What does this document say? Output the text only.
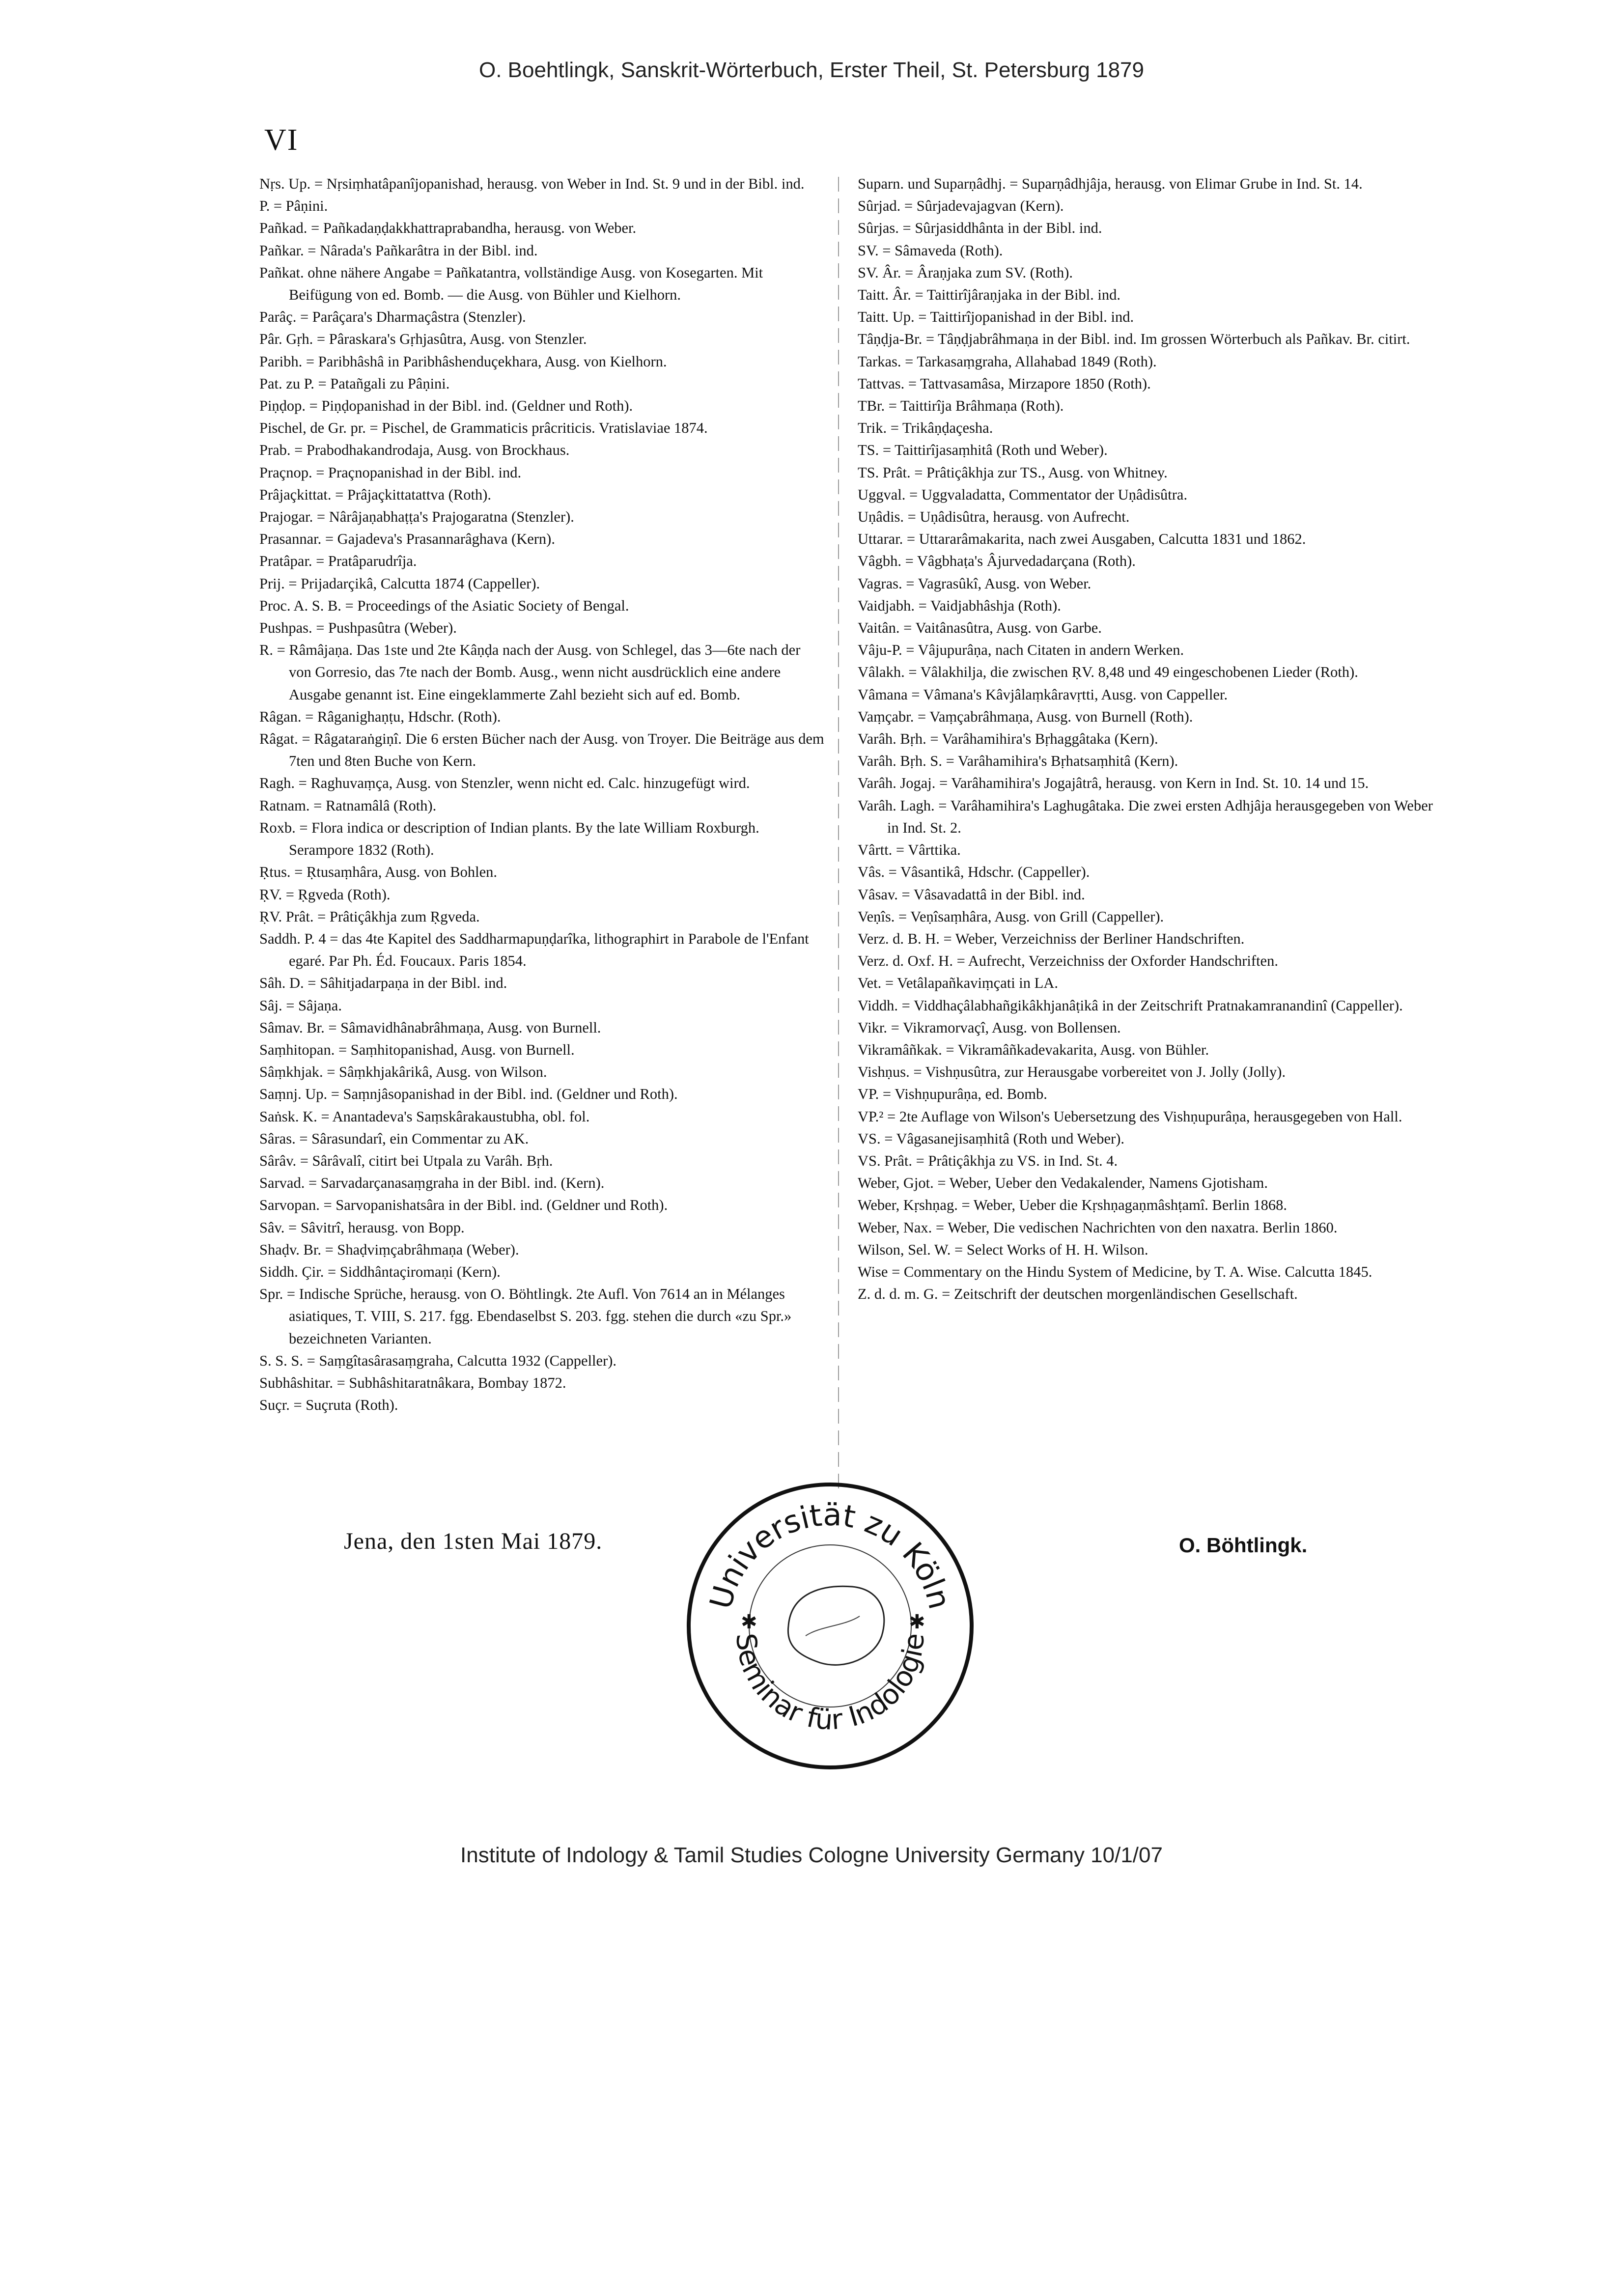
O. Boehtlingk, Sanskrit-Wörterbuch, Erster Theil, St. Petersburg 1879
VI
Nṛs. Up. = Nṛsiṃhatâpanîjopanishad, herausg. von Weber in Ind. St. 9 und in der Bibl. ind.
P. = Pâṇini.
Pañkad. = Pañkadaṇḍakkhattraprabandha, herausg. von Weber.
Pañkar. = Nârada's Pañkarâtra in der Bibl. ind.
Pañkat. ohne nähere Angabe = Pañkatantra, vollständige Ausg. von Kosegarten. Mit Beifügung von ed. Bomb. — die Ausg. von Bühler und Kielhorn.
Parâç. = Parâçara's Dharmaçâstra (Stenzler).
Pâr. Gṛh. = Pâraskara's Gṛhjasûtra, Ausg. von Stenzler.
Paribh. = Paribhâshâ in Paribhâshenduçekhara, Ausg. von Kielhorn.
Pat. zu P. = Patañgali zu Pâṇini.
Piṇḍop. = Piṇḍopanishad in der Bibl. ind. (Geldner und Roth).
Pischel, de Gr. pr. = Pischel, de Grammaticis prâcriticis. Vratislaviae 1874.
Prab. = Prabodhakandrodaja, Ausg. von Brockhaus.
Praçnop. = Praçnopanishad in der Bibl. ind.
Prâjaçkittat. = Prâjaçkittatattva (Roth).
Prajogar. = Nârâjaṇabhaṭṭa's Prajogaratna (Stenzler).
Prasannar. = Gajadeva's Prasannarâghava (Kern).
Pratâpar. = Pratâparudrîja.
Prij. = Prijadarçikâ, Calcutta 1874 (Cappeller).
Proc. A. S. B. = Proceedings of the Asiatic Society of Bengal.
Pushpas. = Pushpasûtra (Weber).
R. = Râmâjaṇa. Das 1ste und 2te Kâṇḍa nach der Ausg. von Schlegel, das 3—6te nach der von Gorresio, das 7te nach der Bomb. Ausg., wenn nicht ausdrücklich eine andere Ausgabe genannt ist. Eine eingeklammerte Zahl bezieht sich auf ed. Bomb.
Râgan. = Râganighaṇṭu, Hdschr. (Roth).
Râgat. = Râgataraṅgiṇî. Die 6 ersten Bücher nach der Ausg. von Troyer. Die Beiträge aus dem 7ten und 8ten Buche von Kern.
Ragh. = Raghuvaṃça, Ausg. von Stenzler, wenn nicht ed. Calc. hinzugefügt wird.
Ratnam. = Ratnamâlâ (Roth).
Roxb. = Flora indica or description of Indian plants. By the late William Roxburgh. Serampore 1832 (Roth).
Ṛtus. = Ṛtusaṃhâra, Ausg. von Bohlen.
ṚV. = Ṛgveda (Roth).
ṚV. Prât. = Prâtiçâkhja zum Ṛgveda.
Saddh. P. 4 = das 4te Kapitel des Saddharmapuṇḍarîka, lithographirt in Parabole de l'Enfant egaré. Par Ph. Éd. Foucaux. Paris 1854.
Sâh. D. = Sâhitjadarpaṇa in der Bibl. ind.
Sâj. = Sâjaṇa.
Sâmav. Br. = Sâmavidhânabrâhmaṇa, Ausg. von Burnell.
Saṃhitopan. = Saṃhitopanishad, Ausg. von Burnell.
Sâṃkhjak. = Sâṃkhjakârikâ, Ausg. von Wilson.
Saṃnj. Up. = Saṃnjâsopanishad in der Bibl. ind. (Geldner und Roth).
Saṅsk. K. = Anantadeva's Saṃskârakaustubha, obl. fol.
Sâras. = Sârasundarî, ein Commentar zu AK.
Sârâv. = Sârâvalî, citirt bei Utpala zu Varâh. Bṛh.
Sarvad. = Sarvadarçanasaṃgraha in der Bibl. ind. (Kern).
Sarvopan. = Sarvopanishatsâra in der Bibl. ind. (Geldner und Roth).
Sâv. = Sâvitrî, herausg. von Bopp.
Shaḍv. Br. = Shaḍviṃçabrâhmaṇa (Weber).
Siddh. Çir. = Siddhântaçiromaṇi (Kern).
Spr. = Indische Sprüche, herausg. von O. Böhtlingk. 2te Aufl. Von 7614 an in Mélanges asiatiques, T. VIII, S. 217. fgg. Ebendaselbst S. 203. fgg. stehen die durch «zu Spr.» bezeichneten Varianten.
S. S. S. = Saṃgîtasârasaṃgraha, Calcutta 1932 (Cappeller).
Subhâshitar. = Subhâshitaratnâkara, Bombay 1872.
Suçr. = Suçruta (Roth).
Suparn. und Suparṇâdhj. = Suparṇâdhjâja, herausg. von Elimar Grube in Ind. St. 14.
Sûrjad. = Sûrjadevajagvan (Kern).
Sûrjas. = Sûrjasiddhânta in der Bibl. ind.
SV. = Sâmaveda (Roth).
SV. Âr. = Âraṇjaka zum SV. (Roth).
Taitt. Âr. = Taittirîjâraṇjaka in der Bibl. ind.
Taitt. Up. = Taittirîjopanishad in der Bibl. ind.
Tâṇḍja-Br. = Tâṇḍjabrâhmaṇa in der Bibl. ind. Im grossen Wörterbuch als Pañkav. Br. citirt.
Tarkas. = Tarkasaṃgraha, Allahabad 1849 (Roth).
Tattvas. = Tattvasamâsa, Mirzapore 1850 (Roth).
TBr. = Taittirîja Brâhmaṇa (Roth).
Trik. = Trikâṇḍaçesha.
TS. = Taittirîjasaṃhitâ (Roth und Weber).
TS. Prât. = Prâtiçâkhja zur TS., Ausg. von Whitney.
Uggval. = Uggvaladatta, Commentator der Uṇâdisûtra.
Uṇâdis. = Uṇâdisûtra, herausg. von Aufrecht.
Uttarar. = Uttararâmakarita, nach zwei Ausgaben, Calcutta 1831 und 1862.
Vâgbh. = Vâgbhaṭa's Âjurvedadarçana (Roth).
Vagras. = Vagrasûkî, Ausg. von Weber.
Vaidjabh. = Vaidjabhâshja (Roth).
Vaitân. = Vaitânasûtra, Ausg. von Garbe.
Vâju-P. = Vâjupurâṇa, nach Citaten in andern Werken.
Vâlakh. = Vâlakhilja, die zwischen ṚV. 8,48 und 49 eingeschobenen Lieder (Roth).
Vâmana = Vâmana's Kâvjâlaṃkâravṛtti, Ausg. von Cappeller.
Vaṃçabr. = Vaṃçabrâhmaṇa, Ausg. von Burnell (Roth).
Varâh. Bṛh. = Varâhamihira's Bṛhaggâtaka (Kern).
Varâh. Bṛh. S. = Varâhamihira's Bṛhatsaṃhitâ (Kern).
Varâh. Jogaj. = Varâhamihira's Jogajâtrâ, herausg. von Kern in Ind. St. 10. 14 und 15.
Varâh. Lagh. = Varâhamihira's Laghugâtaka. Die zwei ersten Adhjâja herausgegeben von Weber in Ind. St. 2.
Vârtt. = Vârttika.
Vâs. = Vâsantikâ, Hdschr. (Cappeller).
Vâsav. = Vâsavadattâ in der Bibl. ind.
Veṇîs. = Veṇîsaṃhâra, Ausg. von Grill (Cappeller).
Verz. d. B. H. = Weber, Verzeichniss der Berliner Handschriften.
Verz. d. Oxf. H. = Aufrecht, Verzeichniss der Oxforder Handschriften.
Vet. = Vetâlapañkaviṃçati in LA.
Viddh. = Viddhaçâlabhañgikâkhjanâṭikâ in der Zeitschrift Pratnakamranandinî (Cappeller).
Vikr. = Vikramorvaçî, Ausg. von Bollensen.
Vikramâñkak. = Vikramâñkadevakarita, Ausg. von Bühler.
Vishṇus. = Vishṇusûtra, zur Herausgabe vorbereitet von J. Jolly (Jolly).
VP. = Vishṇupurâṇa, ed. Bomb.
VP.² = 2te Auflage von Wilson's Uebersetzung des Vishṇupurâṇa, herausgegeben von Hall.
VS. = Vâgasanejisaṃhitâ (Roth und Weber).
VS. Prât. = Prâtiçâkhja zu VS. in Ind. St. 4.
Weber, Gjot. = Weber, Ueber den Vedakalender, Namens Gjotisham.
Weber, Kṛshṇag. = Weber, Ueber die Kṛshṇagaṇmâshṭamî. Berlin 1868.
Weber, Nax. = Weber, Die vedischen Nachrichten von den naxatra. Berlin 1860.
Wilson, Sel. W. = Select Works of H. H. Wilson.
Wise = Commentary on the Hindu System of Medicine, by T. A. Wise. Calcutta 1845.
Z. d. d. m. G. = Zeitschrift der deutschen morgenländischen Gesellschaft.
Jena, den 1sten Mai 1879.	O. Böhtlingk.
Universität zu Köln
Seminar für Indologie
✱	✱
Institute of Indology & Tamil Studies Cologne University Germany 10/1/07
